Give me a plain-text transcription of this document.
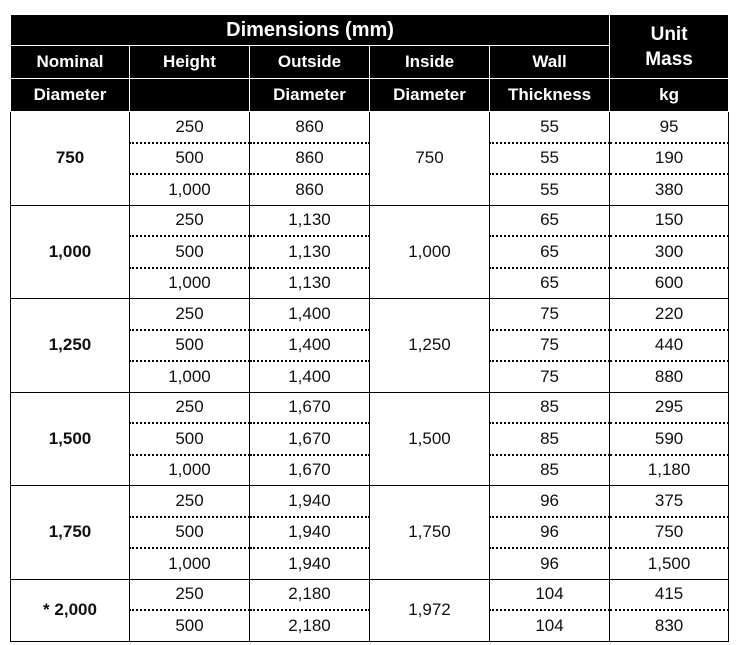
Dimensions (mm)					Unit
Mass
Nominal	Height	Outside	Inside	Wall	
Diameter		Diameter	Diameter	Thickness	kg
750	250	860	750	55	95
	500	860		55	190
	1,000	860		55	380
1,000	250	1,130	1,000	65	150
	500	1,130		65	300
	1,000	1,130		65	600
1,250	250	1,400	1,250	75	220
	500	1,400		75	440
	1,000	1,400		75	880
1,500	250	1,670	1,500	85	295
	500	1,670		85	590
	1,000	1,670		85	1,180
1,750	250	1,940	1,750	96	375
	500	1,940		96	750
	1,000	1,940		96	1,500
* 2,000	250	2,180	1,972	104	415
	500	2,180		104	830
